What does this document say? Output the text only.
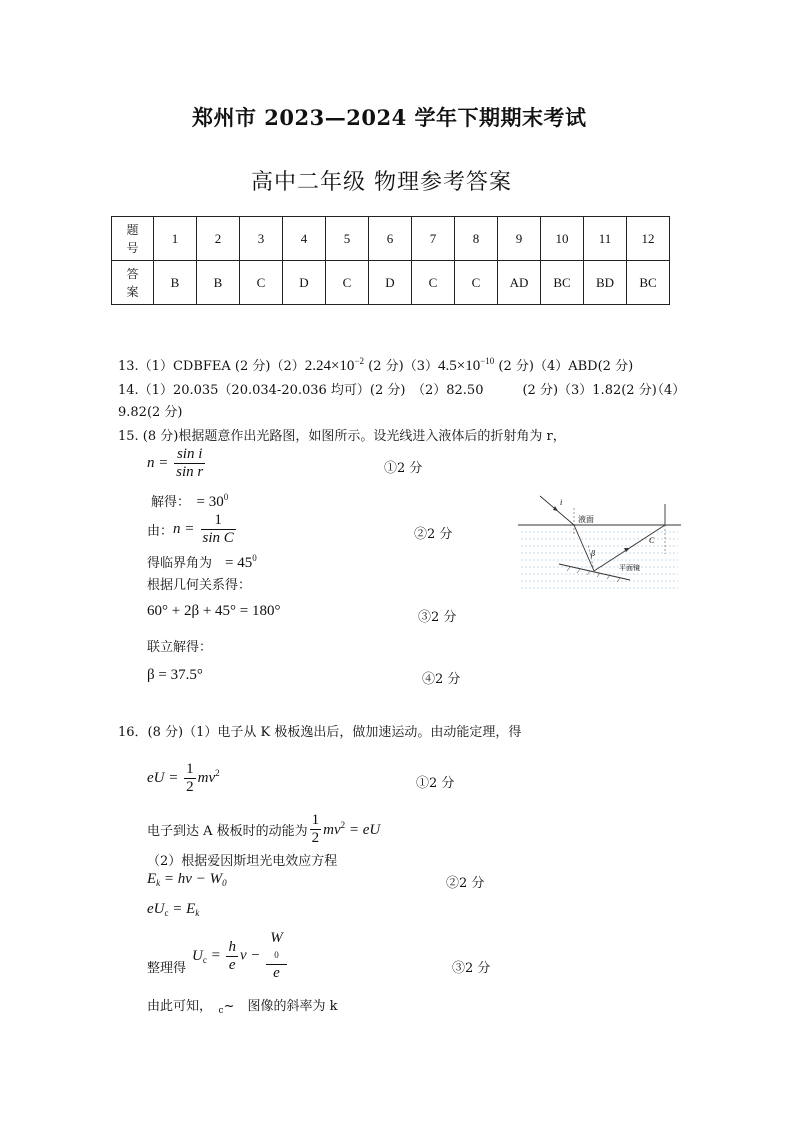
郑州市 2023—2024 学年下期期末考试
高中二年级 物理参考答案
题号	1	2	3	4	5	6	7	8	9	10	11	12
答案	B	B	C	D	C	D	C	C	AD	BC	BD	BC
13.（1）CDBFEA (2 分)$(2)2.24\times 10^{-2}$ (2 分)$(3)4.5\times 10^{-10}$ (2 分)（4）ABD(2 分)
14.（1）20.035（20.034-20.036 均可）(2 分)　（2）82.50　　　(2 分)（3）1.82(2 分)
（4）
9.82(2 分)
15. (8 分)根据题意作出光路图，如图所示。设光线进入液体后的折射角为 r，
$n = \frac{\text{sin i}}{\text{sin r}}$	①2 分
解得：　 = $30^0$
由：$n = \frac{1}{\text{sin C}}$	②2 分
得临界角为　 = $45^0$
根据几何关系得：
60° + 2β + 45° = 180°	③2 分
联立解得：
β = 37.5°	④2 分
i
液面
β
C
平面镜
16．(8 分)（1）电子从 K 极板逸出后，做加速运动。由动能定理，得
eU = $\frac{1}{2} mv^2$
①2 分
电子到达 A 极板时的动能为 $\frac{1}{2} mv^2$ = eU
（2）根据爱因斯坦光电效应方程
$E_k = h\nu - W_0$	②2 分
$eU_c = E_k$
整理得
$U_c = \frac{h}{e}$ ν − W
0
e	③2 分
由此可知，　 $_c$~　图像的斜率为 k
